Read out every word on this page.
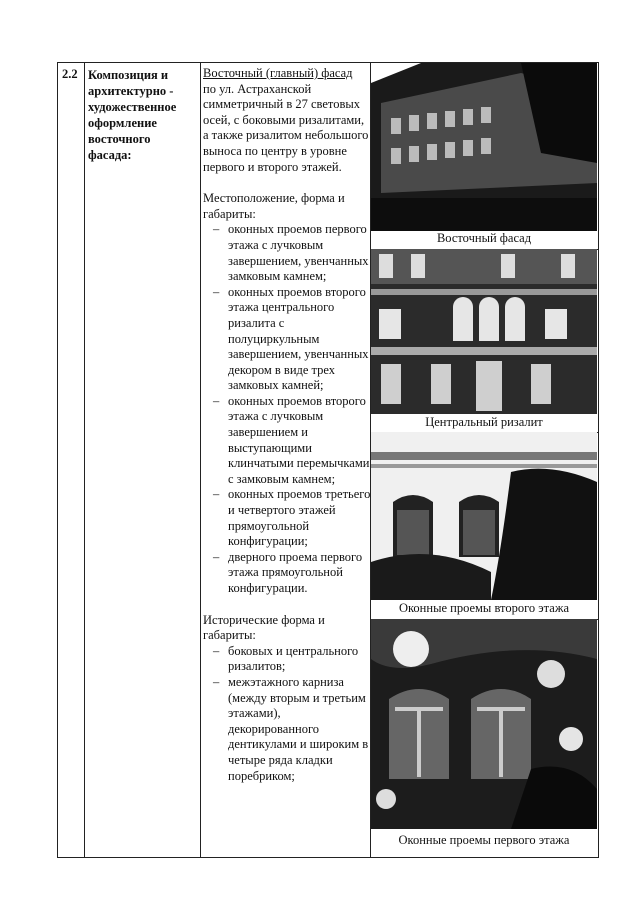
2.2 Композиция и архитектурно - художественное оформление восточного фасада:

Восточный (главный) фасад

по ул. Астраханской симметричный в 27 световых осей, с боковыми ризалитами, а также ризалитом небольшого выноса по центру в уровне первого и второго этажей.

Местоположение, форма и габариты:

– оконных проемов первого этажа с лучковым завершением, увенчанных замковым камнем;
– оконных проемов второго этажа центрального ризалита с полуциркульным завершением, увенчанных декором в виде трех замковых камней;
– оконных проемов второго этажа с лучковым завершением и выступающими клинчатыми перемычками с замковым камнем;
– оконных проемов третьего и четвертого этажей прямоугольной конфигурации;
– дверного проема первого этажа прямоугольной конфигурации.

Исторические форма и габариты:

– боковых и центрального ризалитов;
– межэтажного карниза (между вторым и третьим этажами), декорированного дентикулами и широким в четыре ряда кладки поребриком;
Восточный фасад
Центральный ризалит
Оконные проемы второго этажа
Оконные проемы первого этажа
